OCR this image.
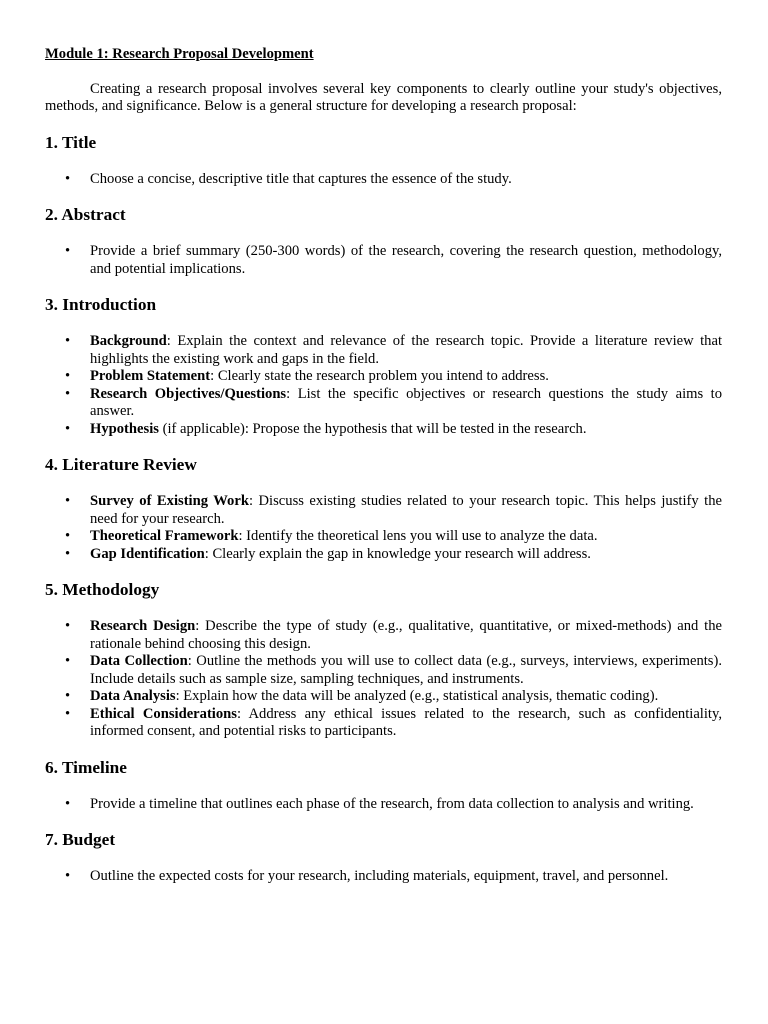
Module 1: Research Proposal Development

Creating a research proposal involves several key components to clearly outline your study's objectives, methods, and significance. Below is a general structure for developing a research proposal:

1. Title
• Choose a concise, descriptive title that captures the essence of the study.
2. Abstract
• Provide a brief summary (250-300 words) of the research, covering the research question, methodology, and potential implications.
3. Introduction
• Background: Explain the context and relevance of the research topic. Provide a literature review that highlights the existing work and gaps in the field.
• Problem Statement: Clearly state the research problem you intend to address.
• Research Objectives/Questions: List the specific objectives or research questions the study aims to answer.
• Hypothesis (if applicable): Propose the hypothesis that will be tested in the research.
4. Literature Review
• Survey of Existing Work: Discuss existing studies related to your research topic. This helps justify the need for your research.
• Theoretical Framework: Identify the theoretical lens you will use to analyze the data.
• Gap Identification: Clearly explain the gap in knowledge your research will address.
5. Methodology
• Research Design: Describe the type of study (e.g., qualitative, quantitative, or mixed-methods) and the rationale behind choosing this design.
• Data Collection: Outline the methods you will use to collect data (e.g., surveys, interviews, experiments). Include details such as sample size, sampling techniques, and instruments.
• Data Analysis: Explain how the data will be analyzed (e.g., statistical analysis, thematic coding).
• Ethical Considerations: Address any ethical issues related to the research, such as confidentiality, informed consent, and potential risks to participants.
6. Timeline
• Provide a timeline that outlines each phase of the research, from data collection to analysis and writing.
7. Budget
• Outline the expected costs for your research, including materials, equipment, travel, and personnel.
